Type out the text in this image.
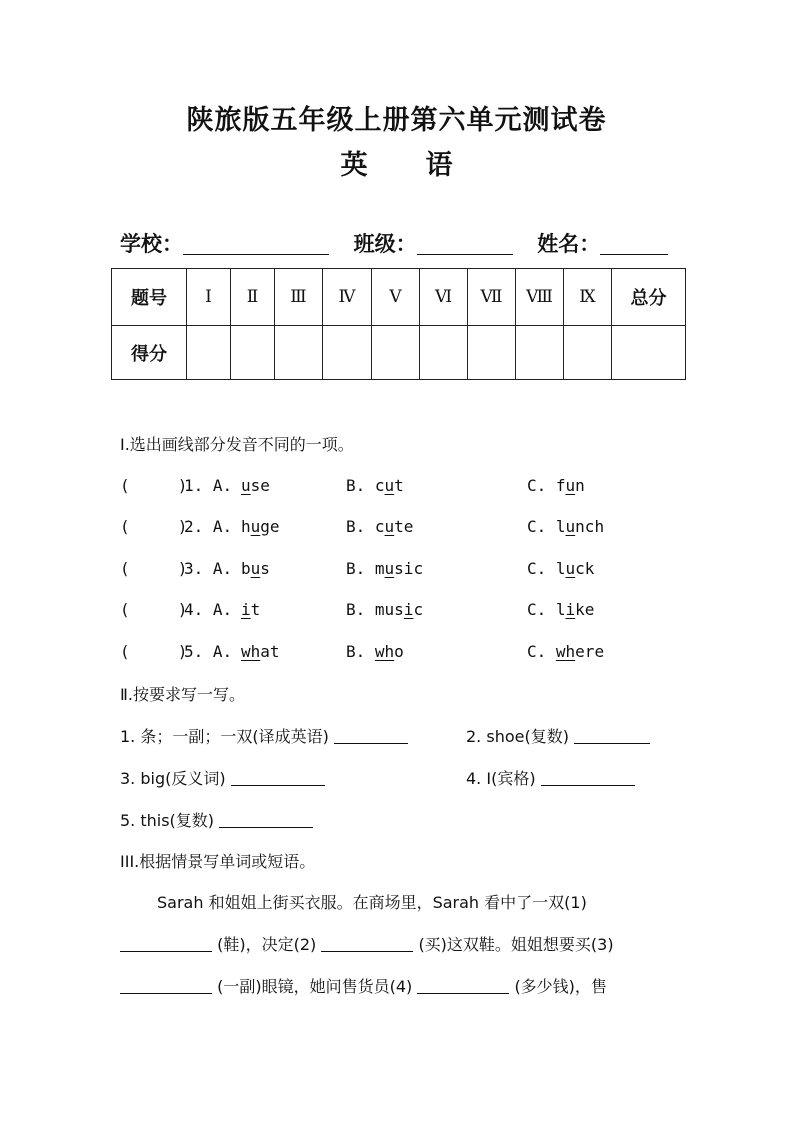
陕旅版五年级上册第六单元测试卷
英 语
学校：	班级：	姓名：
题号	Ⅰ	Ⅱ	Ⅲ	Ⅳ	Ⅴ	Ⅵ	Ⅶ	Ⅷ	Ⅸ	总分
得分										
I.选出画线部分发音不同的一项。
(     )
1. A. use	B. cut	C. fun
(     )
2. A. huge	B. cute	C. lunch
(     )
3. A. bus	B. music	C. luck
(     )
4. A. it	B. music	C. like
(     )
5. A. what	B. who	C. where
Ⅱ.按要求写一写。
1. 条；一副；一双(译成英语)	2. shoe(复数)
3. big(反义词)	4. I(宾格)
5. this(复数)
III.根据情景写单词或短语。
Sarah 和姐姐上街买衣服。在商场里，Sarah 看中了一双(1)
(鞋)，决定(2)	(买)这双鞋。姐姐想要买(3)
(一副)眼镜，她问售货员(4)	(多少钱)，售
